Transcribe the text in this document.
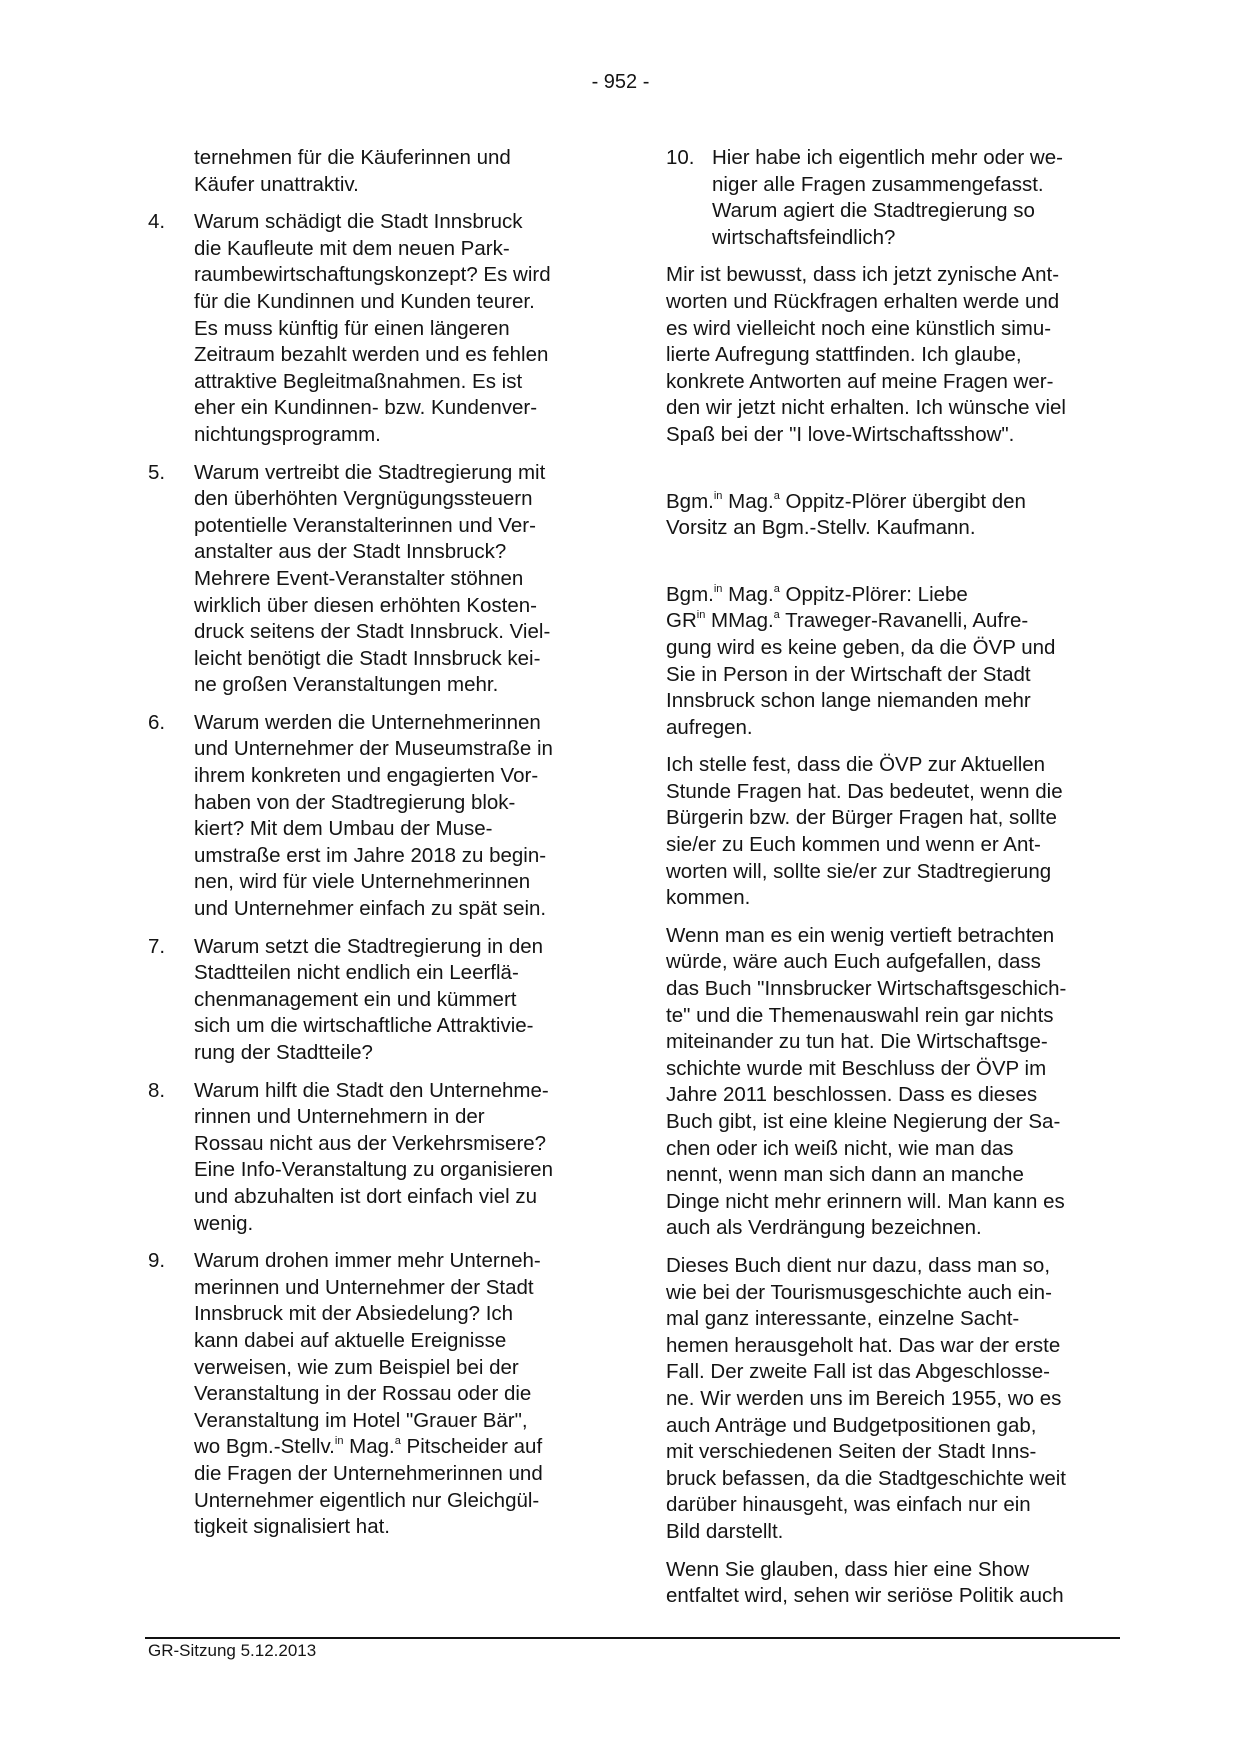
- 952 -
ternehmen für die Käuferinnen und
Käufer unattraktiv.
4. Warum schädigt die Stadt Innsbruck
die Kaufleute mit dem neuen Park-
raumbewirtschaftungskonzept? Es wird
für die Kundinnen und Kunden teurer.
Es muss künftig für einen längeren
Zeitraum bezahlt werden und es fehlen
attraktive Begleitmaßnahmen. Es ist
eher ein Kundinnen- bzw. Kundenver-
nichtungsprogramm.
5. Warum vertreibt die Stadtregierung mit
den überhöhten Vergnügungssteuern
potentielle Veranstalterinnen und Ver-
anstalter aus der Stadt Innsbruck?
Mehrere Event-Veranstalter stöhnen
wirklich über diesen erhöhten Kosten-
druck seitens der Stadt Innsbruck. Viel-
leicht benötigt die Stadt Innsbruck kei-
ne großen Veranstaltungen mehr.
6. Warum werden die Unternehmerinnen
und Unternehmer der Museumstraße in
ihrem konkreten und engagierten Vor-
haben von der Stadtregierung blok-
kiert? Mit dem Umbau der Muse-
umstraße erst im Jahre 2018 zu begin-
nen, wird für viele Unternehmerinnen
und Unternehmer einfach zu spät sein.
7. Warum setzt die Stadtregierung in den
Stadtteilen nicht endlich ein Leerflä-
chenmanagement ein und kümmert
sich um die wirtschaftliche Attraktivie-
rung der Stadtteile?
8. Warum hilft die Stadt den Unternehme-
rinnen und Unternehmern in der
Rossau nicht aus der Verkehrsmisere?
Eine Info-Veranstaltung zu organisieren
und abzuhalten ist dort einfach viel zu
wenig.
9. Warum drohen immer mehr Unterneh-
merinnen und Unternehmer der Stadt
Innsbruck mit der Absiedelung? Ich
kann dabei auf aktuelle Ereignisse
verweisen, wie zum Beispiel bei der
Veranstaltung in der Rossau oder die
Veranstaltung im Hotel "Grauer Bär",
wo Bgm.-Stellv.$^{in}$ Mag.$^a$ Pitscheider auf
die Fragen der Unternehmerinnen und
Unternehmer eigentlich nur Gleichgül-
tigkeit signalisiert hat.
10. Hier habe ich eigentlich mehr oder we-
niger alle Fragen zusammengefasst.
Warum agiert die Stadtregierung so
wirtschaftsfeindlich?
Mir ist bewusst, dass ich jetzt zynische Ant-
worten und Rückfragen erhalten werde und
es wird vielleicht noch eine künstlich simu-
lierte Aufregung stattfinden. Ich glaube,
konkrete Antworten auf meine Fragen wer-
den wir jetzt nicht erhalten. Ich wünsche viel
Spaß bei der "I love-Wirtschaftsshow".
Bgm.$^{in}$ Mag.$^a$ Oppitz-Plörer übergibt den
Vorsitz an Bgm.-Stellv. Kaufmann.
Bgm.$^{in}$ Mag.$^a$ Oppitz-Plörer: Liebe
$GR^{in}$ MMag.$^a$ Traweger-Ravanelli, Aufre-
gung wird es keine geben, da die ÖVP und
Sie in Person in der Wirtschaft der Stadt
Innsbruck schon lange niemanden mehr
aufregen.
Ich stelle fest, dass die ÖVP zur Aktuellen
Stunde Fragen hat. Das bedeutet, wenn die
Bürgerin bzw. der Bürger Fragen hat, sollte
sie/er zu Euch kommen und wenn er Ant-
worten will, sollte sie/er zur Stadtregierung
kommen.
Wenn man es ein wenig vertieft betrachten
würde, wäre auch Euch aufgefallen, dass
das Buch "Innsbrucker Wirtschaftsgeschich-
te" und die Themenauswahl rein gar nichts
miteinander zu tun hat. Die Wirtschaftsge-
schichte wurde mit Beschluss der ÖVP im
Jahre 2011 beschlossen. Dass es dieses
Buch gibt, ist eine kleine Negierung der Sa-
chen oder ich weiß nicht, wie man das
nennt, wenn man sich dann an manche
Dinge nicht mehr erinnern will. Man kann es
auch als Verdrängung bezeichnen.
Dieses Buch dient nur dazu, dass man so,
wie bei der Tourismusgeschichte auch ein-
mal ganz interessante, einzelne Sacht-
hemen herausgeholt hat. Das war der erste
Fall. Der zweite Fall ist das Abgeschlosse-
ne. Wir werden uns im Bereich 1955, wo es
auch Anträge und Budgetpositionen gab,
mit verschiedenen Seiten der Stadt Inns-
bruck befassen, da die Stadtgeschichte weit
darüber hinausgeht, was einfach nur ein
Bild darstellt.
Wenn Sie glauben, dass hier eine Show
entfaltet wird, sehen wir seriöse Politik auch
GR-Sitzung 5.12.2013
